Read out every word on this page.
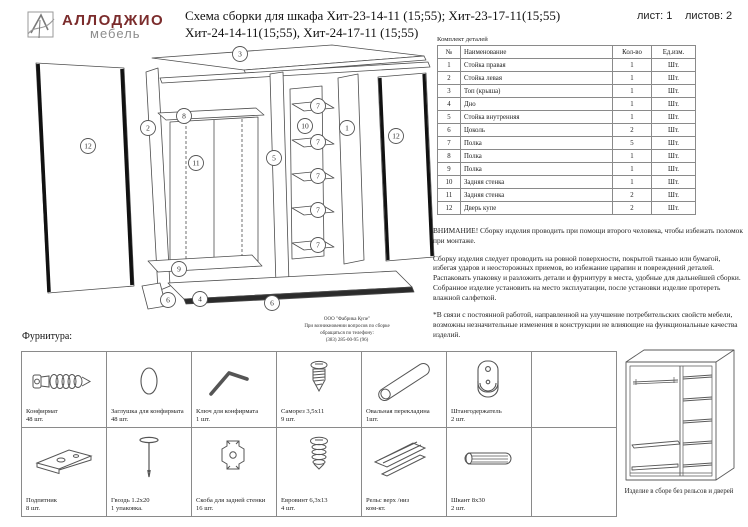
АЛЛОДЖИО
мебель
Схема сборки для шкафа Хит-23-14-11 (15;55); Хит-23-17-11(15;55)
Хит-24-14-11(15;55), Хит-24-17-11 (15;55)
лист: 1 листов: 2
3
12
2
8
11
9
5
10
7
7
7
7
7
1
12
6	4	6
ООО "Фабрика Купе"
При возникновении вопросов по сборке
обращаться по телефону:
(383) 285-00-95 (96)
Комплект деталей
№	Наименование	Кол-во	Ед.изм.
1	Стойка правая	1	Шт.
2	Стойка левая	1	Шт.
3	Топ (крыша)	1	Шт.
4	Дно	1	Шт.
5	Стойка внутренняя	1	Шт.
6	Цоколь	2	Шт.
7	Полка	5	Шт.
8	Полка	1	Шт.
9	Полка	1	Шт.
10	Задняя стенка	1	Шт.
11	Задняя стенка	2	Шт.
12	Дверь купе	2	Шт.
ВНИМАНИЕ! Сборку изделия проводить при помощи второго человека, чтобы избежать поломок при монтаже.
Сборку изделия следует проводить на ровной поверхности, покрытой тканью или бумагой, избегая ударов и неосторожных приемов, во избежание царапин и повреждений деталей.
Распаковать упаковку и разложить детали и фурнитуру в места, удобные для дальнейшей сборки.
Собранное изделие установить на место эксплуатации, после установки изделие протереть влажной салфеткой.
*В связи с постоянной работой, направленной на улучшение потребительских свойств мебели, возможны незначительные изменения в конструкции не влияющие на функциональные качества изделий.
Фурнитура:
Конфирмат
48 шт.
Заглушка для конфирмата
48 шт.
Ключ для конфирмата
1 шт.
Саморез 3,5х11
9 шт.
Овальная перекладина
1шт.
Штангодержатель
2 шт.
Подпятник
8 шт.
Гвоздь 1.2х20
1 упаковка.
Скоба для задней стенки
16 шт.
Евровинт 6,3х13
4 шт.
Рельс верх /низ
ком-кт.
Шкант 8х30
2 шт.
Изделие в сборе без рельсов и дверей
